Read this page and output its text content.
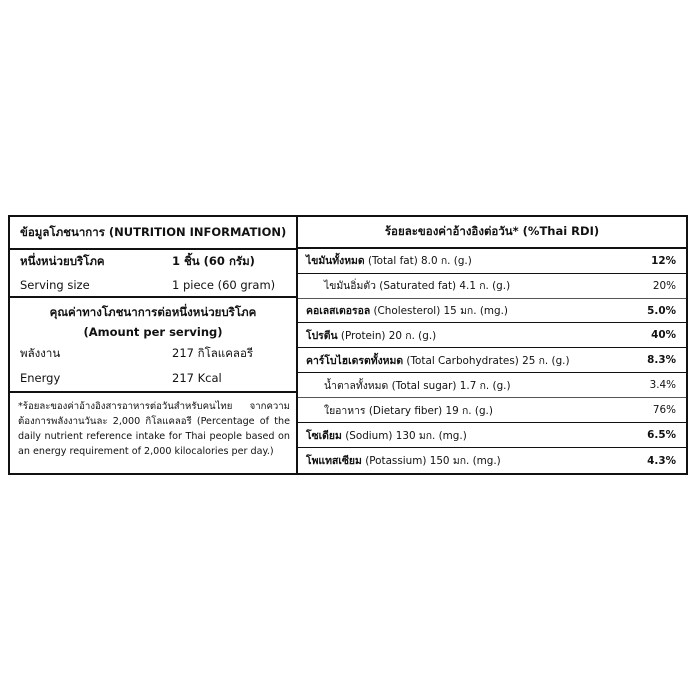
ข้อมูลโภชนาการ (NUTRITION INFORMATION)
หนึ่งหน่วยบริโภค	1 ชิ้น (60 กรัม)
Serving size	1 piece (60 gram)
คุณค่าทางโภชนาการต่อหนึ่งหน่วยบริโภค
(Amount per serving)
พลังงาน	217 กิโลแคลอรี
Energy	217 Kcal
*ร้อยละของค่าอ้างอิงสารอาหารต่อวันสำหรับคนไทย จากความต้องการพลังงานวันละ 2,000 กิโลแคลอรี (Percentage of the daily nutrient reference intake for Thai people based on an energy requirement of 2,000 kilocalories per day.)
ร้อยละของค่าอ้างอิงต่อวัน* (%Thai RDI)
ไขมันทั้งหมด (Total fat) 8.0 ก. (g.)	12%
ไขมันอิ่มตัว (Saturated fat) 4.1 ก. (g.)	20%
คอเลสเตอรอล (Cholesterol) 15 มก. (mg.)	5.0%
โปรตีน (Protein) 20 ก. (g.)	40%
คาร์โบไฮเดรตทั้งหมด (Total Carbohydrates) 25 ก. (g.)	8.3%
น้ำตาลทั้งหมด (Total sugar) 1.7 ก. (g.)	3.4%
ใยอาหาร (Dietary fiber) 19 ก. (g.)	76%
โซเดียม (Sodium) 130 มก. (mg.)	6.5%
โพแทสเซียม (Potassium) 150 มก. (mg.)	4.3%
